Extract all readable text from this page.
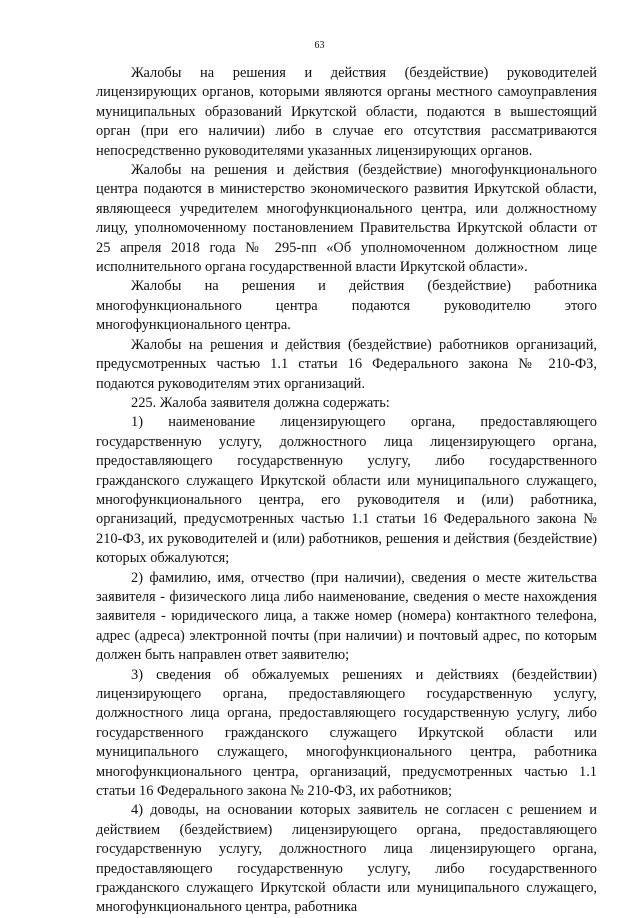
63

Жалобы на решения и действия (бездействие) руководителей лицензирующих органов, которыми являются органы местного самоуправления муниципальных образований Иркутской области, подаются в вышестоящий орган (при его наличии) либо в случае его отсутствия рассматриваются непосредственно руководителями указанных лицензирующих органов.

Жалобы на решения и действия (бездействие) многофункционального центра подаются в министерство экономического развития Иркутской области, являющееся учредителем многофункционального центра, или должностному лицу, уполномоченному постановлением Правительства Иркутской области от 25 апреля 2018 года № 295-пп «Об уполномоченном должностном лице исполнительного органа государственной власти Иркутской области».

Жалобы на решения и действия (бездействие) работника многофункционального центра подаются руководителю этого многофункционального центра.

Жалобы на решения и действия (бездействие) работников организаций, предусмотренных частью 1.1 статьи 16 Федерального закона № 210-ФЗ, подаются руководителям этих организаций.

225. Жалоба заявителя должна содержать:

1) наименование лицензирующего органа, предоставляющего государственную услугу, должностного лица лицензирующего органа, предоставляющего государственную услугу, либо государственного гражданского служащего Иркутской области или муниципального служащего, многофункционального центра, его руководителя и (или) работника, организаций, предусмотренных частью 1.1 статьи 16 Федерального закона № 210-ФЗ, их руководителей и (или) работников, решения и действия (бездействие) которых обжалуются;

2) фамилию, имя, отчество (при наличии), сведения о месте жительства заявителя - физического лица либо наименование, сведения о месте нахождения заявителя - юридического лица, а также номер (номера) контактного телефона, адрес (адреса) электронной почты (при наличии) и почтовый адрес, по которым должен быть направлен ответ заявителю;

3) сведения об обжалуемых решениях и действиях (бездействии) лицензирующего органа, предоставляющего государственную услугу, должностного лица органа, предоставляющего государственную услугу, либо государственного гражданского служащего Иркутской области или муниципального служащего, многофункционального центра, работника многофункционального центра, организаций, предусмотренных частью 1.1 статьи 16 Федерального закона № 210-ФЗ, их работников;

4) доводы, на основании которых заявитель не согласен с решением и действием (бездействием) лицензирующего органа, предоставляющего государственную услугу, должностного лица лицензирующего органа, предоставляющего государственную услугу, либо государственного гражданского служащего Иркутской области или муниципального служащего, многофункционального центра, работника
